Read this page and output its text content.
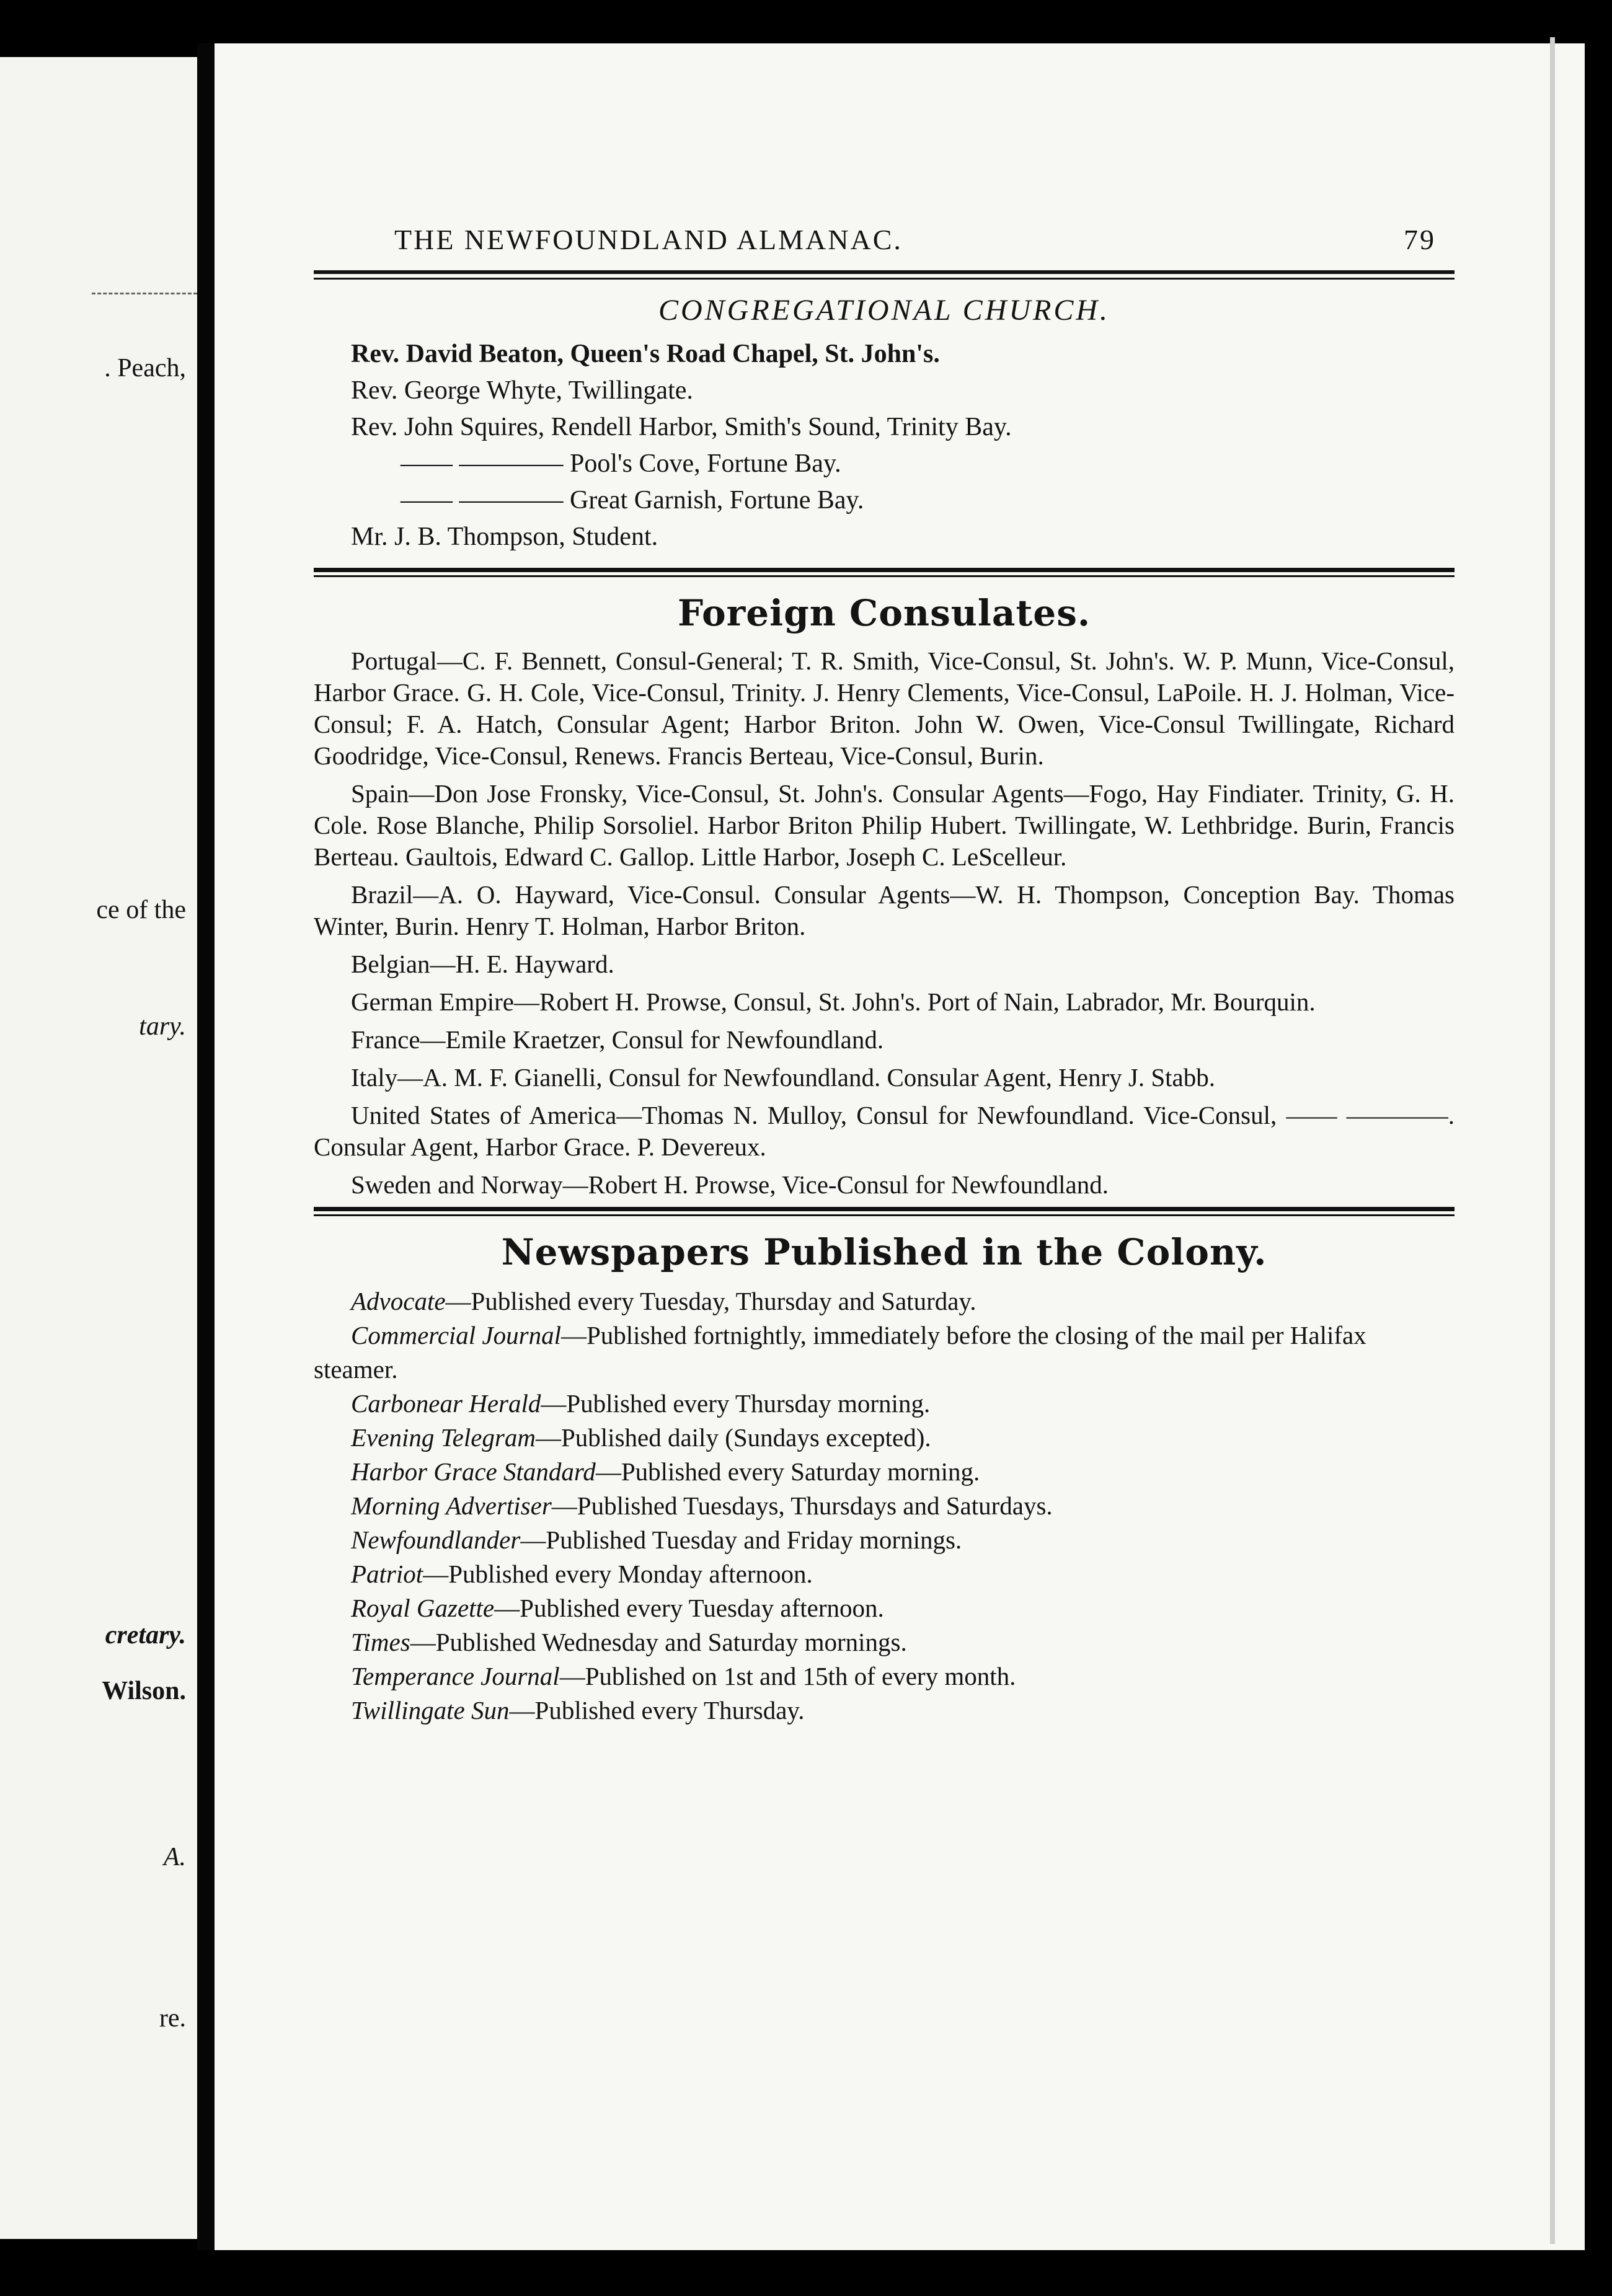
. Peach,
ce of the
tary.
cretary.
Wilson.
A.
re.
THE NEWFOUNDLAND ALMANAC.	79
CONGREGATIONAL CHURCH.
Rev. David Beaton, Queen's Road Chapel, St. John's.
Rev. George Whyte, Twillingate.
Rev. John Squires, Rendell Harbor, Smith's Sound, Trinity Bay.
—— ———— Pool's Cove, Fortune Bay.
—— ———— Great Garnish, Fortune Bay.
Mr. J. B. Thompson, Student.
Foreign Consulates.

Portugal—C. F. Bennett, Consul-General; T. R. Smith, Vice-Consul, St. John's. W. P. Munn, Vice-Consul, Harbor Grace. G. H. Cole, Vice-Consul, Trinity. J. Henry Clements, Vice-Consul, LaPoile. H. J. Holman, Vice-Consul; F. A. Hatch, Consular Agent; Harbor Briton. John W. Owen, Vice-Consul Twillingate, Richard Goodridge, Vice-Consul, Renews. Francis Berteau, Vice-Consul, Burin.

Spain—Don Jose Fronsky, Vice-Consul, St. John's. Consular Agents—Fogo, Hay Findiater. Trinity, G. H. Cole. Rose Blanche, Philip Sorsoliel. Harbor Briton Philip Hubert. Twillingate, W. Lethbridge. Burin, Francis Berteau. Gaultois, Edward C. Gallop. Little Harbor, Joseph C. LeScelleur.

Brazil—A. O. Hayward, Vice-Consul. Consular Agents—W. H. Thompson, Conception Bay. Thomas Winter, Burin. Henry T. Holman, Harbor Briton.

Belgian—H. E. Hayward.

German Empire—Robert H. Prowse, Consul, St. John's. Port of Nain, Labrador, Mr. Bourquin.

France—Emile Kraetzer, Consul for Newfoundland.

Italy—A. M. F. Gianelli, Consul for Newfoundland. Consular Agent, Henry J. Stabb.

United States of America—Thomas N. Mulloy, Consul for Newfoundland. Vice-Consul, —— ————. Consular Agent, Harbor Grace. P. Devereux.

Sweden and Norway—Robert H. Prowse, Vice-Consul for Newfoundland.

Newspapers Published in the Colony.
Advocate—Published every Tuesday, Thursday and Saturday.
Commercial Journal—Published fortnightly, immediately before the closing of the mail per Halifax steamer.
Carbonear Herald—Published every Thursday morning.
Evening Telegram—Published daily (Sundays excepted).
Harbor Grace Standard—Published every Saturday morning.
Morning Advertiser—Published Tuesdays, Thursdays and Saturdays.
Newfoundlander—Published Tuesday and Friday mornings.
Patriot—Published every Monday afternoon.
Royal Gazette—Published every Tuesday afternoon.
Times—Published Wednesday and Saturday mornings.
Temperance Journal—Published on 1st and 15th of every month.
Twillingate Sun—Published every Thursday.
